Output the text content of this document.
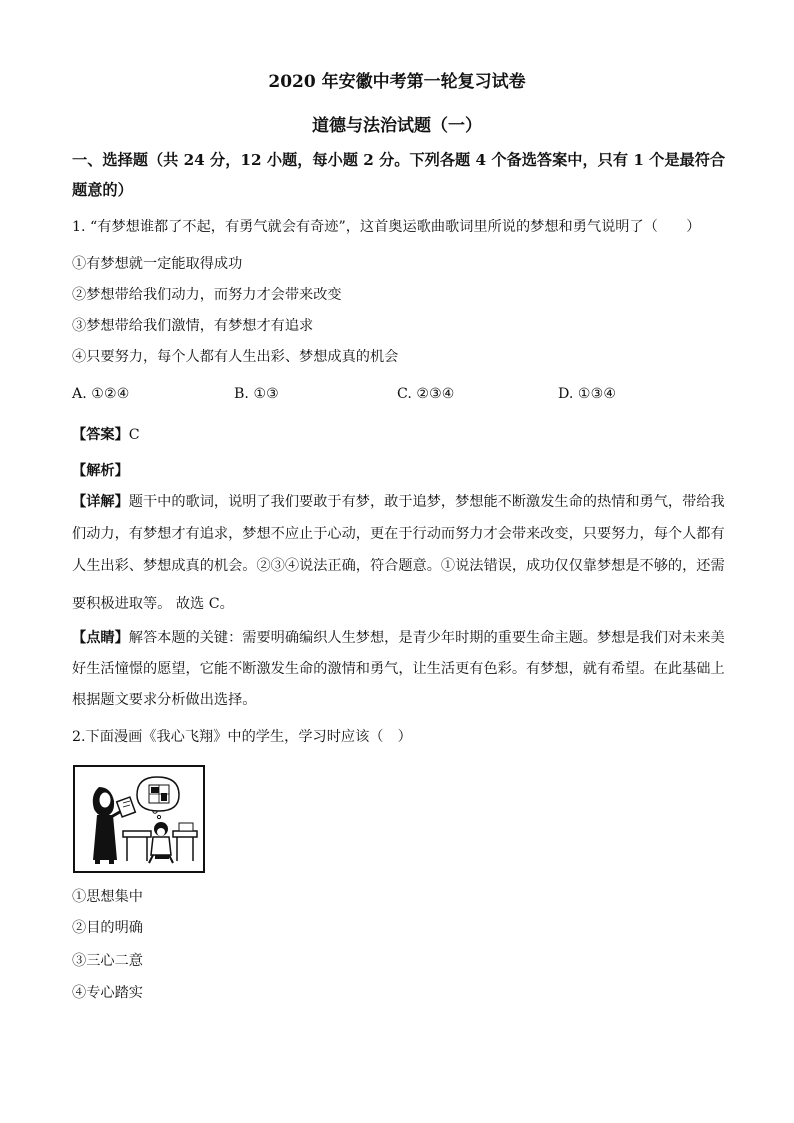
2020 年安徽中考第一轮复习试卷
道德与法治试题（一）
一、选择题（共 24 分，12 小题，每小题 2 分。下列各题 4 个备选答案中，只有 1 个是最符合
题意的）
1. “有梦想谁都了不起，有勇气就会有奇迹”，这首奥运歌曲歌词里所说的梦想和勇气说明了（　　）
①有梦想就一定能取得成功
②梦想带给我们动力，而努力才会带来改变
③梦想带给我们激情，有梦想才有追求
④只要努力，每个人都有人生出彩、梦想成真的机会
A. ①②④	B. ①③	C. ②③④	D. ①③④
【答案】C
【解析】
【详解】题干中的歌词，说明了我们要敢于有梦，敢于追梦，梦想能不断激发生命的热情和勇气，带给我
们动力，有梦想才有追求，梦想不应止于心动，更在于行动而努力才会带来改变，只要努力，每个人都有
人生出彩、梦想成真的机会。②③④说法正确，符合题意。①说法错误，成功仅仅靠梦想是不够的，还需
要积极进取等。 故选 C。
【点睛】解答本题的关键：需要明确编织人生梦想，是青少年时期的重要生命主题。梦想是我们对未来美
好生活憧憬的愿望，它能不断激发生命的激情和勇气，让生活更有色彩。有梦想，就有希望。在此基础上
根据题文要求分析做出选择。
2.下面漫画《我心飞翔》中的学生，学习时应该（　）
①思想集中
②目的明确
③三心二意
④专心踏实
